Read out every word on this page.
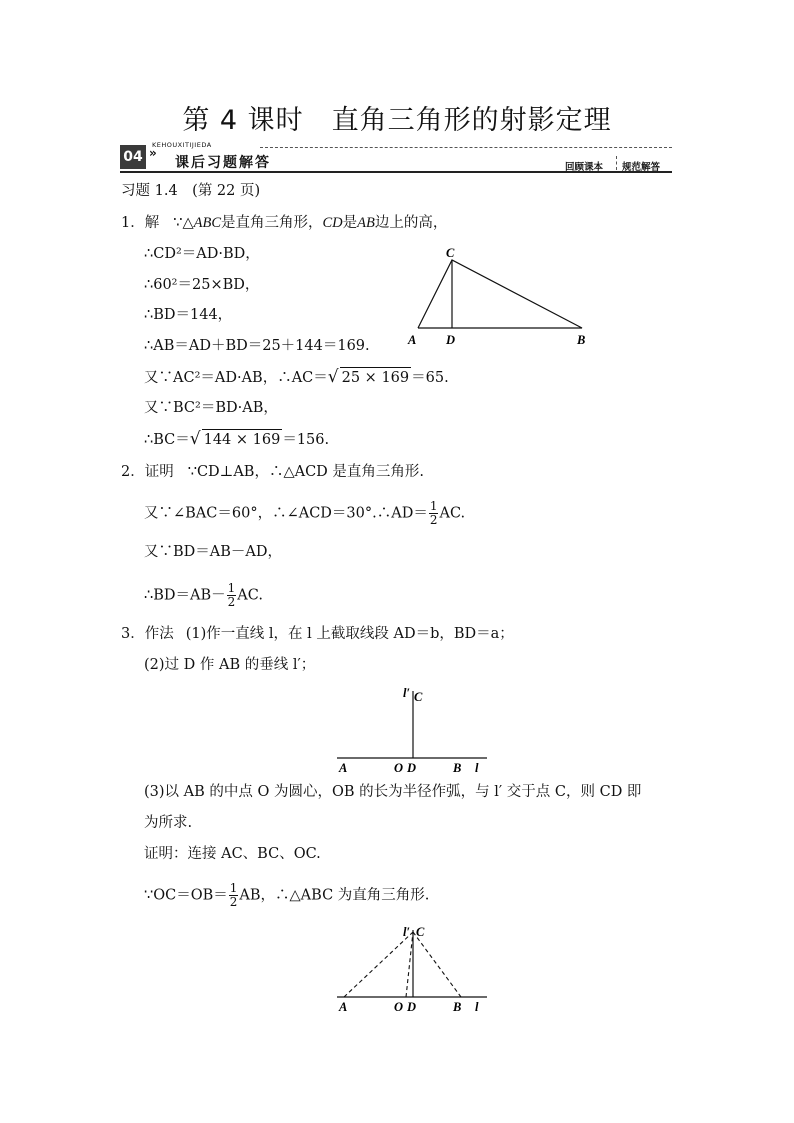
第 4 课时　直角三角形的射影定理
04 »
KEHOUXITIJIEDA
课后习题解答	回顾课本 规范解答
习题 1.4　(第 22 页)
1．解 ∵△ABC是直角三角形，CD是AB边上的高，
∴CD²＝AD·BD，
∴60²＝25×BD，
∴BD＝144，
∴AB＝AD＋BD＝25＋144＝169.
又∵AC²＝AD·AB，∴AC＝√ 25 × 169 ＝65.
又∵BC²＝BD·AB，
∴BC＝√ 144 × 169 ＝156.
C
A D	B
2．证明 ∵CD⊥AB，∴△ACD 是直角三角形.
又∵∠BAC＝60°，∴∠ACD＝30°.∴AD＝ $\frac{1}{2}$ AC.
又∵BD＝AB－AD，
∴BD＝AB－ $\frac{1}{2}$ AC.
3．作法 (1)作一直线 l，在 l 上截取线段 AD＝b，BD＝a；
(2)过 D 作 AB 的垂线 l′；
l′ C
A	O D	B l
(3)以 AB 的中点 O 为圆心，OB 的长为半径作弧，与 l′ 交于点 C，则 CD 即
为所求.
证明：连接 AC、BC、OC.
∵OC＝OB＝ $\frac{1}{2}$ AB，∴△ABC 为直角三角形.
l′ C
A	O D	B l
